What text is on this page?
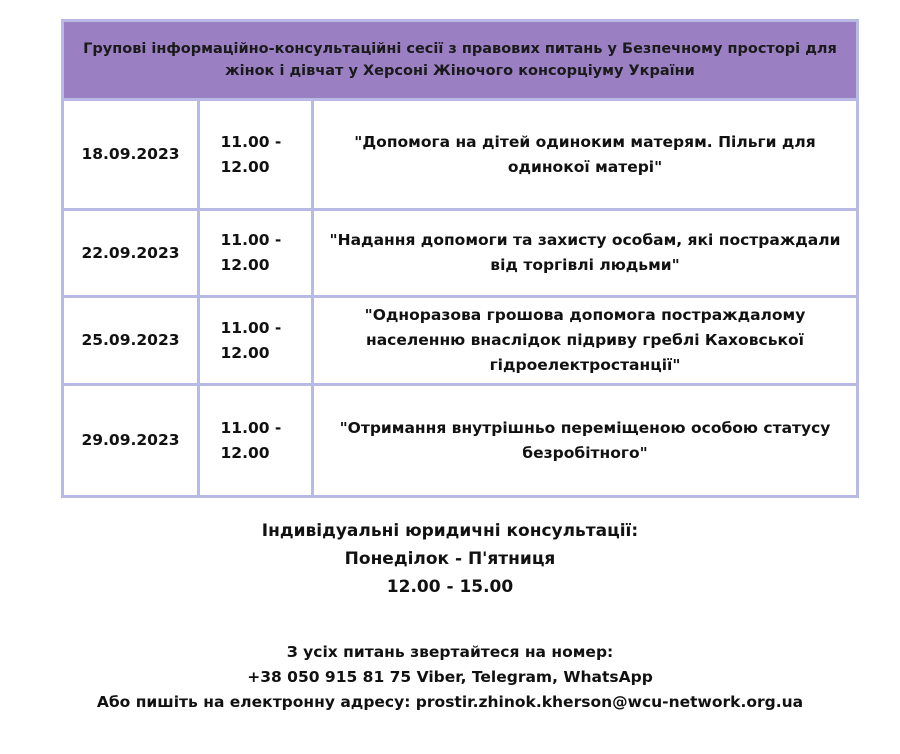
Групові інформаційно-консультаційні сесії з правових питань у Безпечному просторі для жінок і дівчат у Херсоні Жіночого консорціуму України		
18.09.2023	11.00 - 12.00	"Допомога на дітей одиноким матерям. Пільги для одинокої матері"
22.09.2023	11.00 - 12.00	"Надання допомоги та захисту особам, які постраждали від торгівлі людьми"
25.09.2023	11.00 - 12.00	"Одноразова грошова допомога постраждалому населенню внаслідок підриву греблі Каховської гідроелектростанції"
29.09.2023	11.00 - 12.00	"Отримання внутрішньо переміщеною особою статусу безробітного"
Індивідуальні юридичні консультації:
Понеділок - П'ятниця
12.00 - 15.00
З усіх питань звертайтеся на номер:
+38 050 915 81 75 Viber, Telegram, WhatsApp
Або пишіть на електронну адресу: prostir.zhinok.kherson@wcu-network.org.ua
